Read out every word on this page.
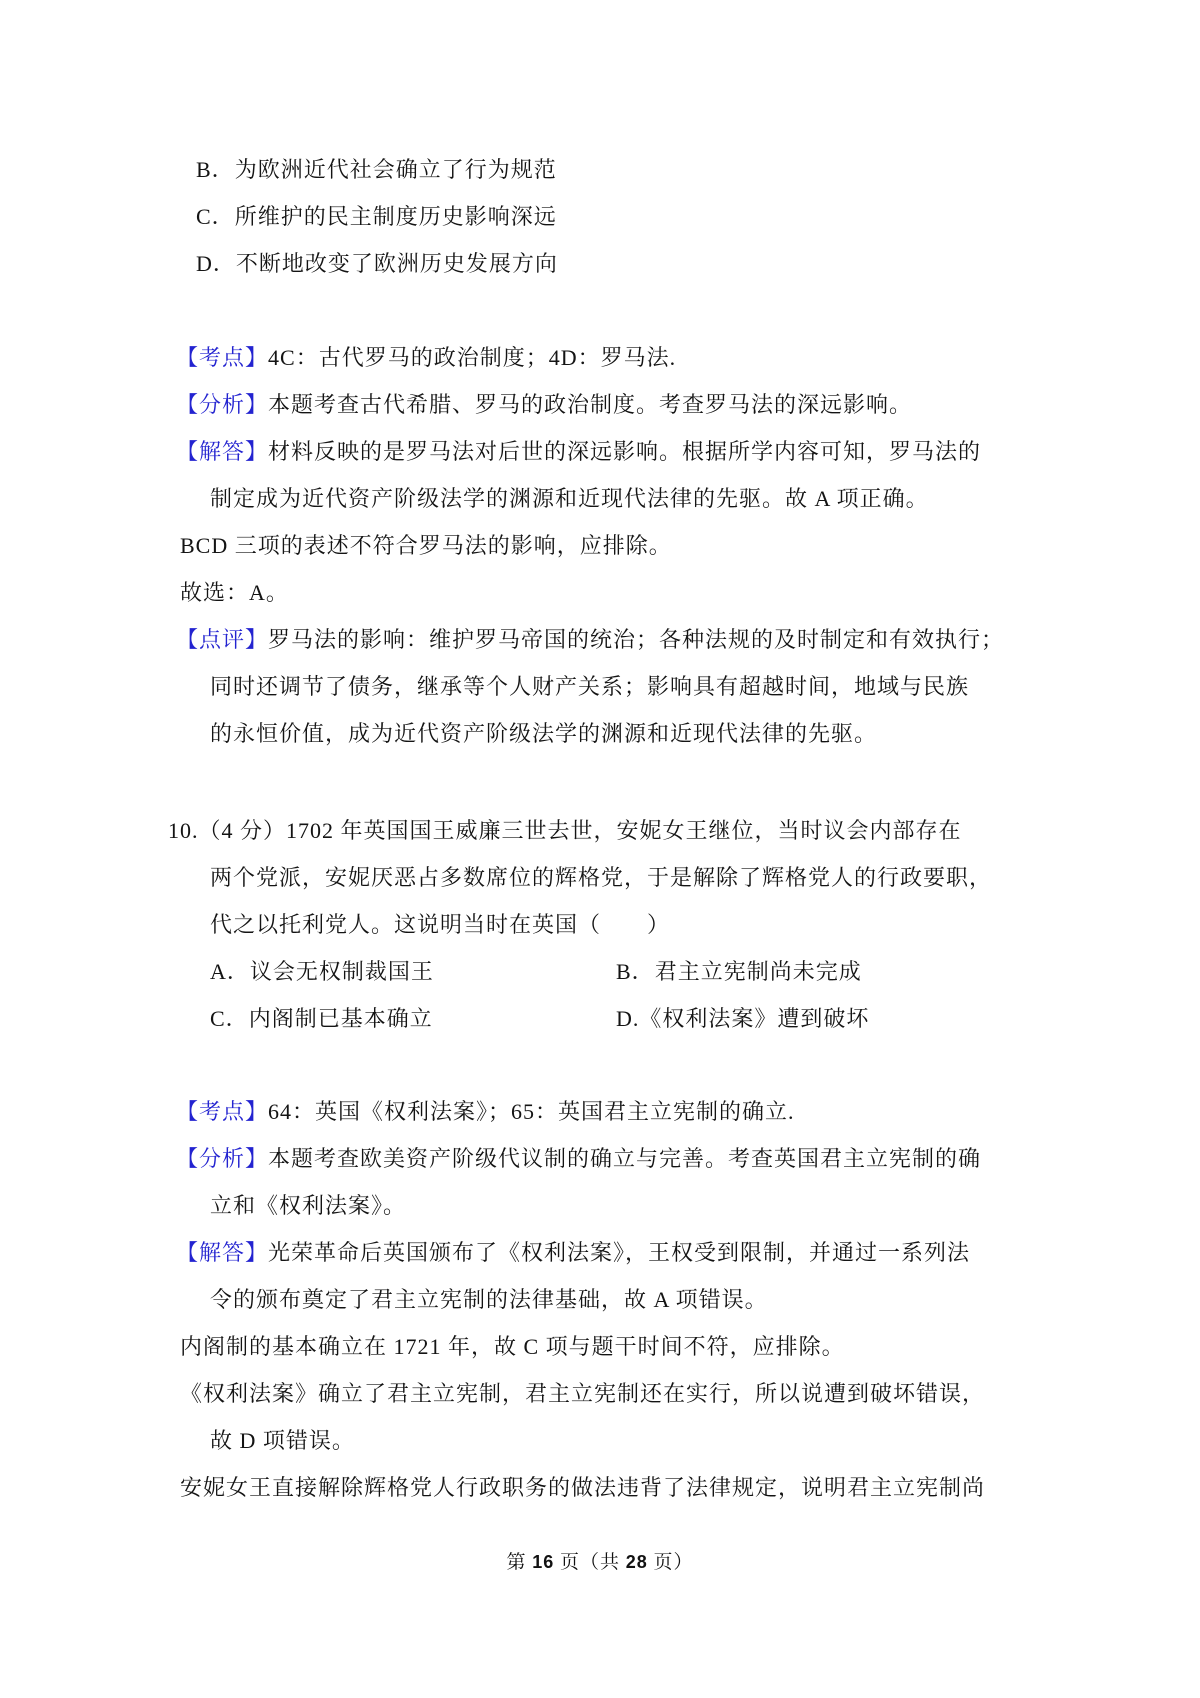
B．为欧洲近代社会确立了行为规范
C．所维护的民主制度历史影响深远
D．不断地改变了欧洲历史发展方向
【考点】4C：古代罗马的政治制度；4D：罗马法.
【分析】本题考查古代希腊、罗马的政治制度。考查罗马法的深远影响。
【解答】材料反映的是罗马法对后世的深远影响。根据所学内容可知，罗马法的
制定成为近代资产阶级法学的渊源和近现代法律的先驱。故 A 项正确。
BCD 三项的表述不符合罗马法的影响，应排除。
故选：A。
【点评】罗马法的影响：维护罗马帝国的统治；各种法规的及时制定和有效执行；
同时还调节了债务，继承等个人财产关系；影响具有超越时间，地域与民族
的永恒价值，成为近代资产阶级法学的渊源和近现代法律的先驱。
10.（4 分）1702 年英国国王威廉三世去世，安妮女王继位，当时议会内部存在
两个党派，安妮厌恶占多数席位的辉格党，于是解除了辉格党人的行政要职，
代之以托利党人。这说明当时在英国（　　）
A．议会无权制裁国王	B．君主立宪制尚未完成
C．内阁制已基本确立	D.《权利法案》遭到破坏
【考点】64：英国《权利法案》；65：英国君主立宪制的确立.
【分析】本题考查欧美资产阶级代议制的确立与完善。考查英国君主立宪制的确
立和《权利法案》。
【解答】光荣革命后英国颁布了《权利法案》，王权受到限制，并通过一系列法
令的颁布奠定了君主立宪制的法律基础，故 A 项错误。
内阁制的基本确立在 1721 年，故 C 项与题干时间不符，应排除。
《权利法案》确立了君主立宪制，君主立宪制还在实行，所以说遭到破坏错误，
故 D 项错误。
安妮女王直接解除辉格党人行政职务的做法违背了法律规定，说明君主立宪制尚
第 16 页（共 28 页）
